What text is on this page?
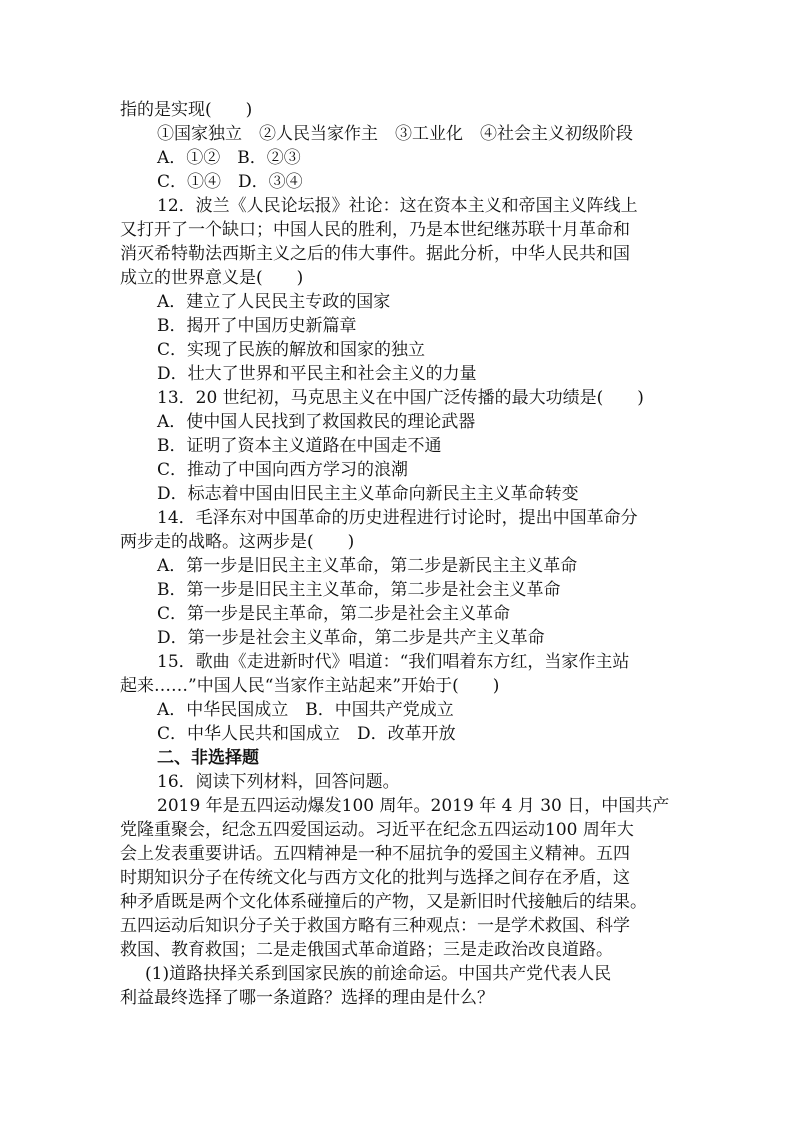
指的是实现(　　)
①国家独立　②人民当家作主　③工业化　④社会主义初级阶段
A．①②　B．②③
C．①④　D．③④
12．波兰《人民论坛报》社论：这在资本主义和帝国主义阵线上
又打开了一个缺口；中国人民的胜利，乃是本世纪继苏联十月革命和
消灭希特勒法西斯主义之后的伟大事件。据此分析，中华人民共和国
成立的世界意义是(　　)
A．建立了人民民主专政的国家
B．揭开了中国历史新篇章
C．实现了民族的解放和国家的独立
D．壮大了世界和平民主和社会主义的力量
13．20 世纪初，马克思主义在中国广泛传播的最大功绩是(　　)
A．使中国人民找到了救国救民的理论武器
B．证明了资本主义道路在中国走不通
C．推动了中国向西方学习的浪潮
D．标志着中国由旧民主主义革命向新民主主义革命转变
14．毛泽东对中国革命的历史进程进行讨论时，提出中国革命分
两步走的战略。这两步是(　　)
A．第一步是旧民主主义革命，第二步是新民主主义革命
B．第一步是旧民主主义革命，第二步是社会主义革命
C．第一步是民主革命，第二步是社会主义革命
D．第一步是社会主义革命，第二步是共产主义革命
15．歌曲《走进新时代》唱道：“我们唱着东方红，当家作主站
起来……”中国人民“当家作主站起来”开始于(　　)
A．中华民国成立　B．中国共产党成立
C．中华人民共和国成立　D．改革开放
二、非选择题
16．阅读下列材料，回答问题。
2019 年是五四运动爆发100 周年。2019 年 4 月 30 日，中国共产
党隆重聚会，纪念五四爱国运动。习近平在纪念五四运动100 周年大
会上发表重要讲话。五四精神是一种不屈抗争的爱国主义精神。五四
时期知识分子在传统文化与西方文化的批判与选择之间存在矛盾，这
种矛盾既是两个文化体系碰撞后的产物，又是新旧时代接触后的结果。
五四运动后知识分子关于救国方略有三种观点：一是学术救国、科学
救国、教育救国；二是走俄国式革命道路；三是走政治改良道路。
(1)道路抉择关系到国家民族的前途命运。中国共产党代表人民
利益最终选择了哪一条道路？选择的理由是什么？
